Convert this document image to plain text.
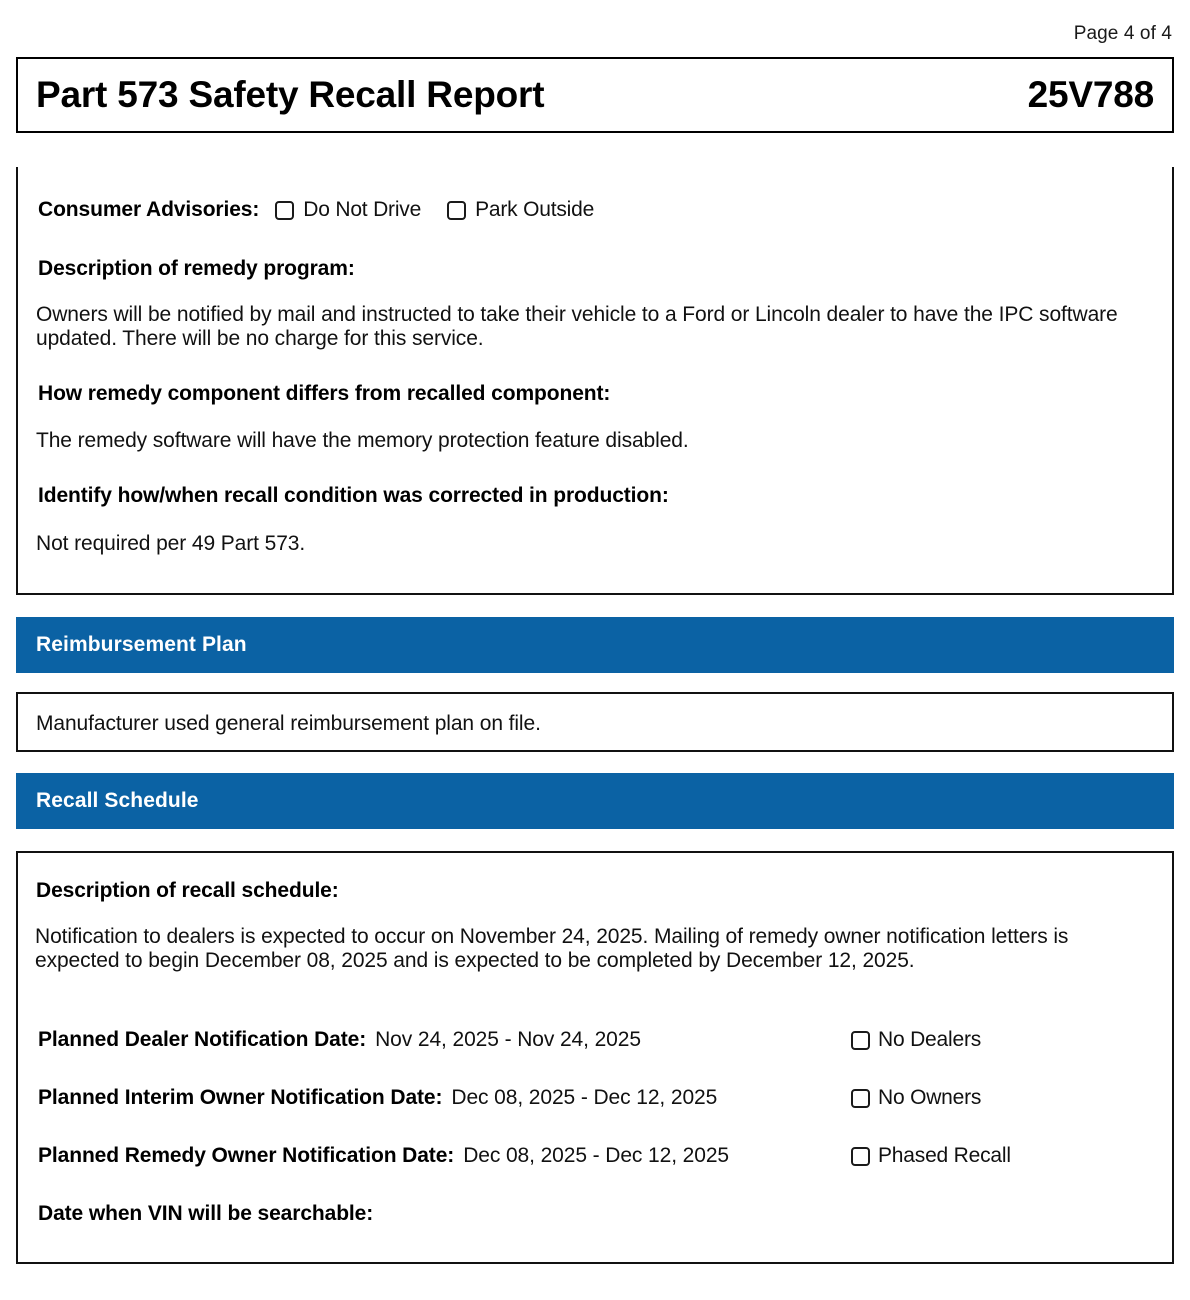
Page 4 of 4
Part 573 Safety Recall Report	25V788
Consumer Advisories: Do Not Drive	Park Outside
Description of remedy program:
Owners will be notified by mail and instructed to take their vehicle to a Ford or Lincoln dealer to have the IPC software updated. There will be no charge for this service.
How remedy component differs from recalled component:
The remedy software will have the memory protection feature disabled.
Identify how/when recall condition was corrected in production:
Not required per 49 Part 573.
Reimbursement Plan
Manufacturer used general reimbursement plan on file.
Recall Schedule
Description of recall schedule:
Notification to dealers is expected to occur on November 24, 2025. Mailing of remedy owner notification letters is expected to begin December 08, 2025 and is expected to be completed by December 12, 2025.
Planned Dealer Notification Date: Nov 24, 2025 - Nov 24, 2025	No Dealers
Planned Interim Owner Notification Date: Dec 08, 2025 - Dec 12, 2025	No Owners
Planned Remedy Owner Notification Date: Dec 08, 2025 - Dec 12, 2025	Phased Recall
Date when VIN will be searchable:
